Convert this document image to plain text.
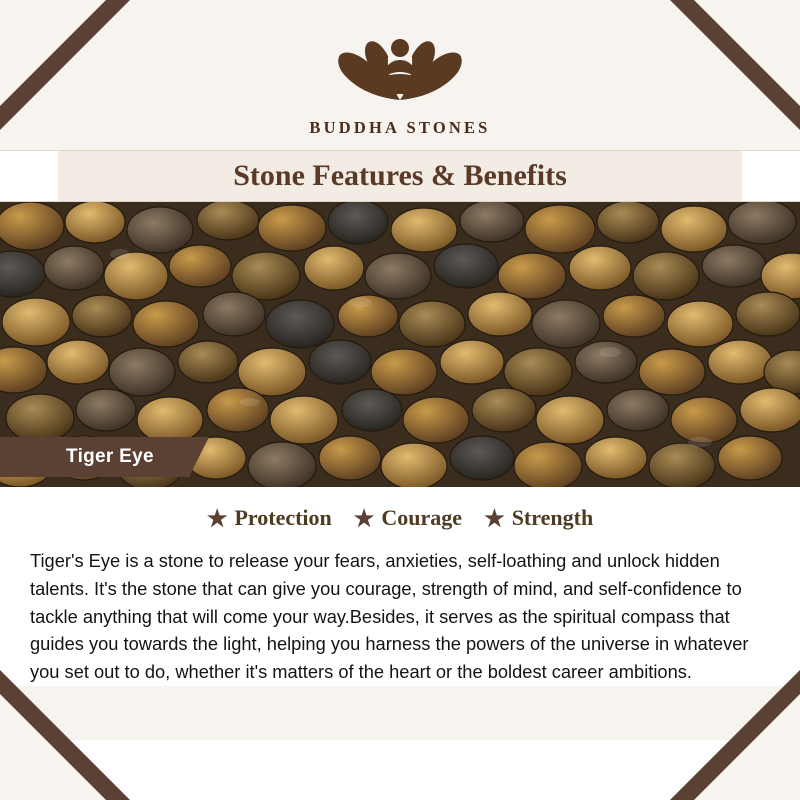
BUDDHA STONES
Stone Features & Benefits
Tiger Eye
★ Protection ★ Courage ★ Strength
Tiger's Eye is a stone to release your fears, anxieties, self-loathing and unlock hidden talents. It's the stone that can give you courage, strength of mind, and self-confidence to tackle anything that will come your way.Besides, it serves as the spiritual compass that guides you towards the light, helping you harness the powers of the universe in whatever you set out to do, whether it's matters of the heart or the boldest career ambitions.
